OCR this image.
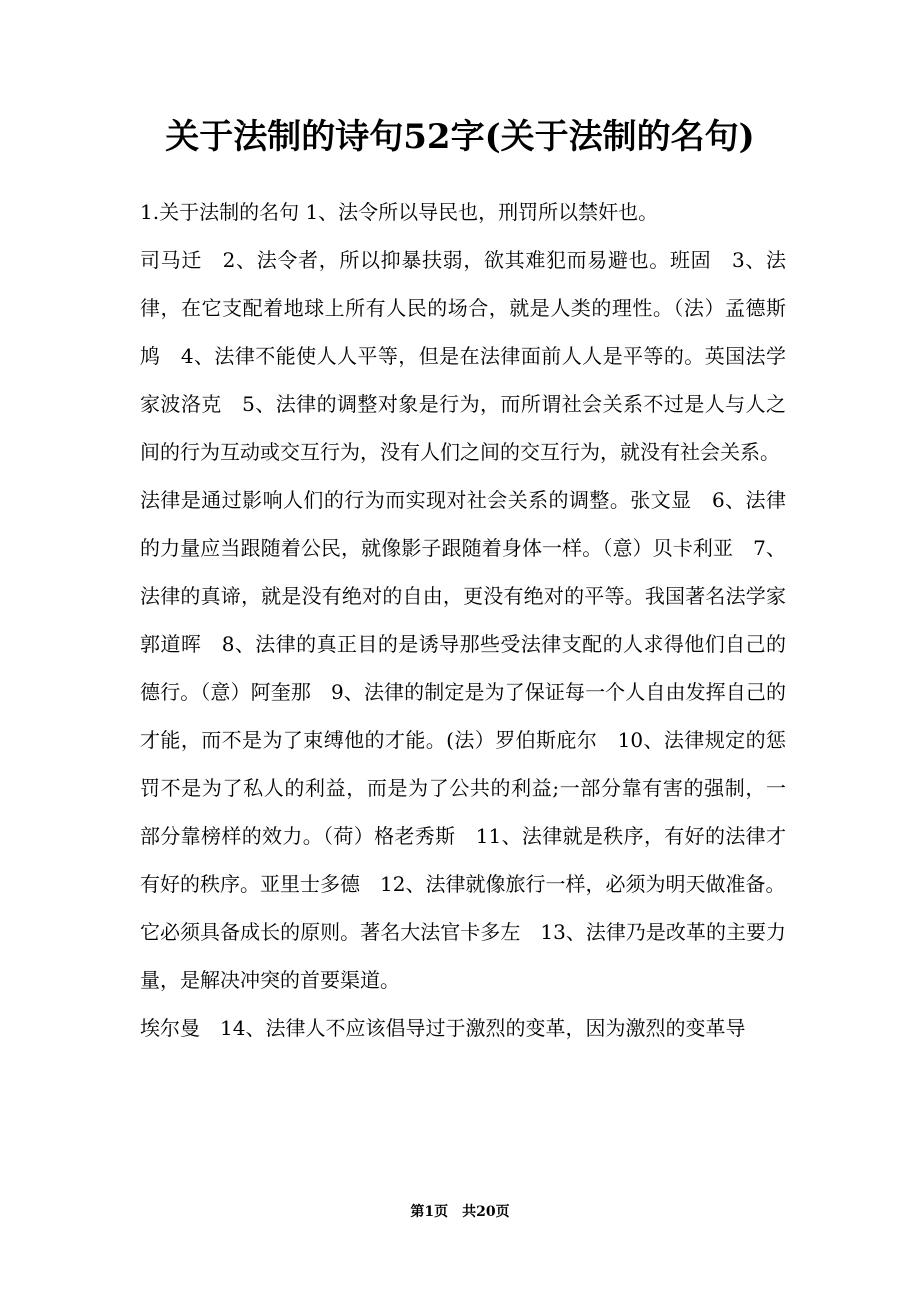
关于法制的诗句52字(关于法制的名句)

1.关于法制的名句 1、法令所以导民也，刑罚所以禁奸也。

司马迁　2、法令者，所以抑暴扶弱，欲其难犯而易避也。班固　3、法律，在它支配着地球上所有人民的场合，就是人类的理性。（法）孟德斯鸠　4、法律不能使人人平等，但是在法律面前人人是平等的。英国法学家波洛克　5、法律的调整对象是行为，而所谓社会关系不过是人与人之间的行为互动或交互行为，没有人们之间的交互行为，就没有社会关系。

法律是通过影响人们的行为而实现对社会关系的调整。张文显　6、法律的力量应当跟随着公民，就像影子跟随着身体一样。（意）贝卡利亚　7、法律的真谛，就是没有绝对的自由，更没有绝对的平等。我国著名法学家郭道晖　8、法律的真正目的是诱导那些受法律支配的人求得他们自己的德行。（意）阿奎那　9、法律的制定是为了保证每一个人自由发挥自己的才能，而不是为了束缚他的才能。(法）罗伯斯庇尔　10、法律规定的惩罚不是为了私人的利益，而是为了公共的利益;一部分靠有害的强制，一部分靠榜样的效力。（荷）格老秀斯　11、法律就是秩序，有好的法律才有好的秩序。亚里士多德　12、法律就像旅行一样，必须为明天做准备。

它必须具备成长的原则。著名大法官卡多左　13、法律乃是改革的主要力量，是解决冲突的首要渠道。

埃尔曼　14、法律人不应该倡导过于激烈的变革，因为激烈的变革导

第1页　共20页
